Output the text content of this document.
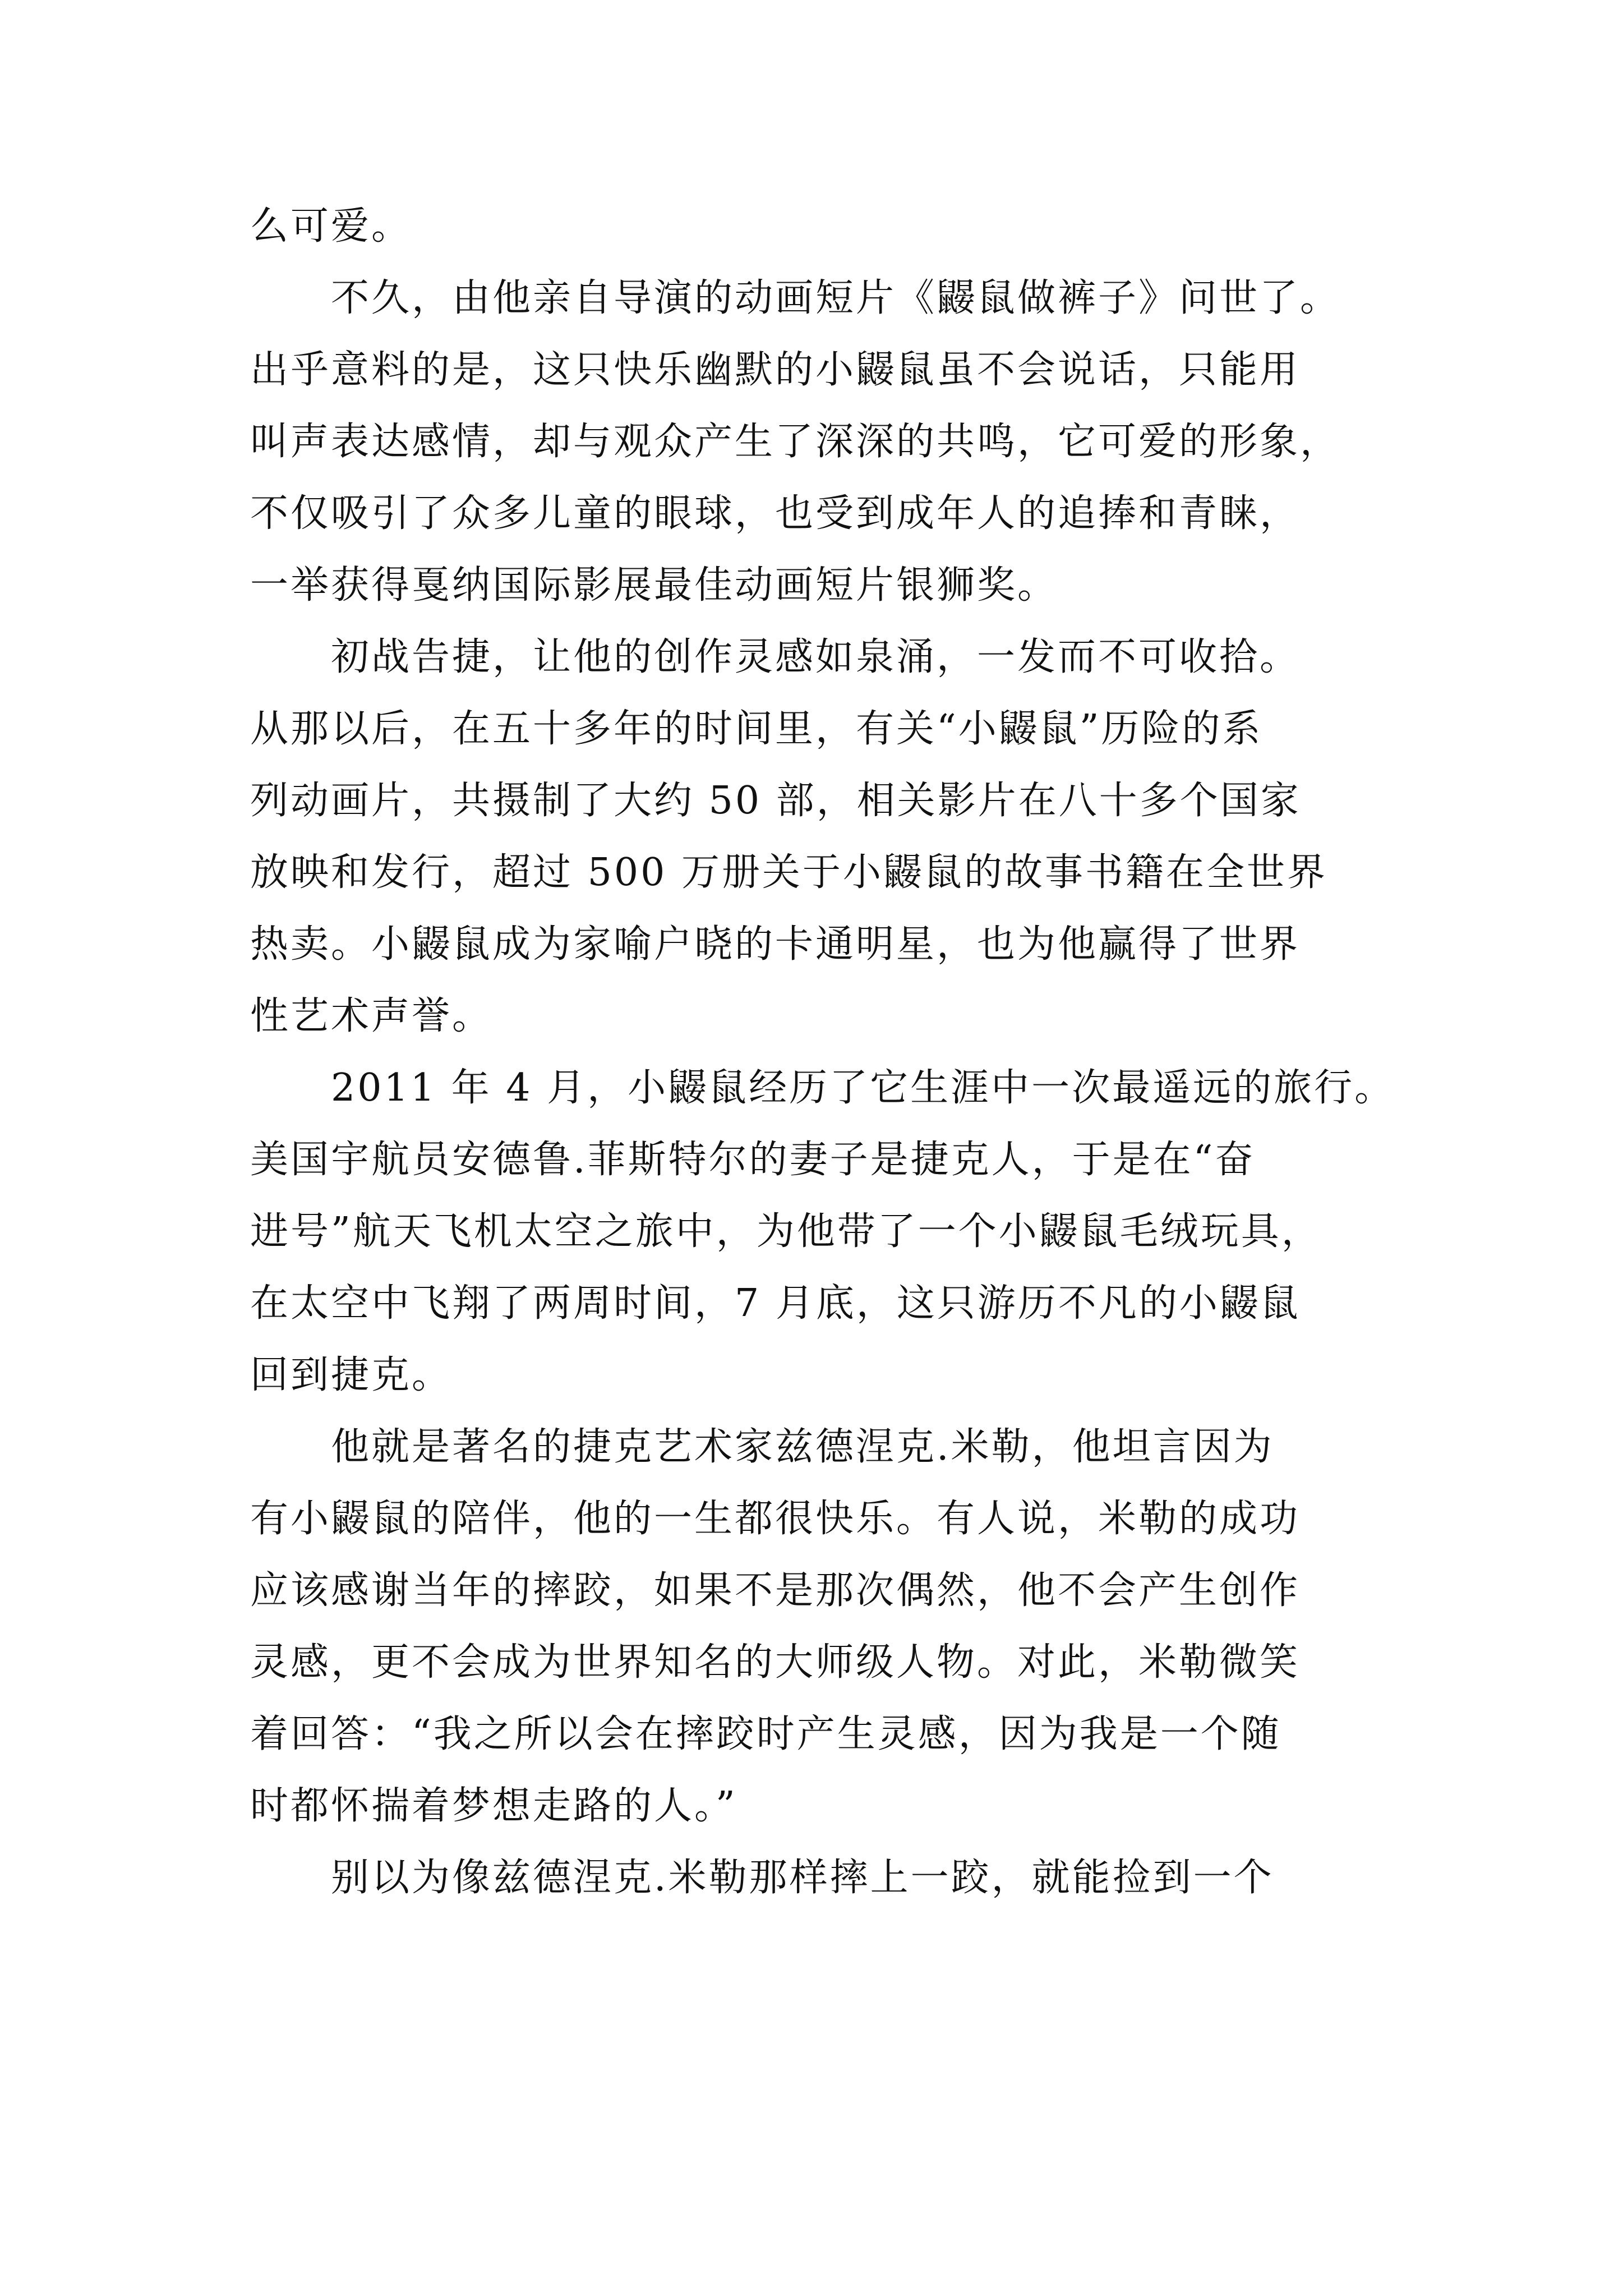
么可爱。
不久，由他亲自导演的动画短片《鼹鼠做裤子》问世了。
出乎意料的是，这只快乐幽默的小鼹鼠虽不会说话，只能用
叫声表达感情，却与观众产生了深深的共鸣，它可爱的形象，
不仅吸引了众多儿童的眼球，也受到成年人的追捧和青睐，
一举获得戛纳国际影展最佳动画短片银狮奖。
初战告捷，让他的创作灵感如泉涌，一发而不可收拾。
从那以后，在五十多年的时间里，有关“小鼹鼠”历险的系
列动画片，共摄制了大约 50 部，相关影片在八十多个国家
放映和发行，超过 500 万册关于小鼹鼠的故事书籍在全世界
热卖。小鼹鼠成为家喻户晓的卡通明星，也为他赢得了世界
性艺术声誉。
2011 年 4 月，小鼹鼠经历了它生涯中一次最遥远的旅行。
美国宇航员安德鲁.菲斯特尔的妻子是捷克人，于是在“奋
进号”航天飞机太空之旅中，为他带了一个小鼹鼠毛绒玩具，
在太空中飞翔了两周时间，7 月底，这只游历不凡的小鼹鼠
回到捷克。
他就是著名的捷克艺术家兹德涅克.米勒，他坦言因为
有小鼹鼠的陪伴，他的一生都很快乐。有人说，米勒的成功
应该感谢当年的摔跤，如果不是那次偶然，他不会产生创作
灵感，更不会成为世界知名的大师级人物。对此，米勒微笑
着回答：“我之所以会在摔跤时产生灵感，因为我是一个随
时都怀揣着梦想走路的人。”
别以为像兹德涅克.米勒那样摔上一跤，就能捡到一个
